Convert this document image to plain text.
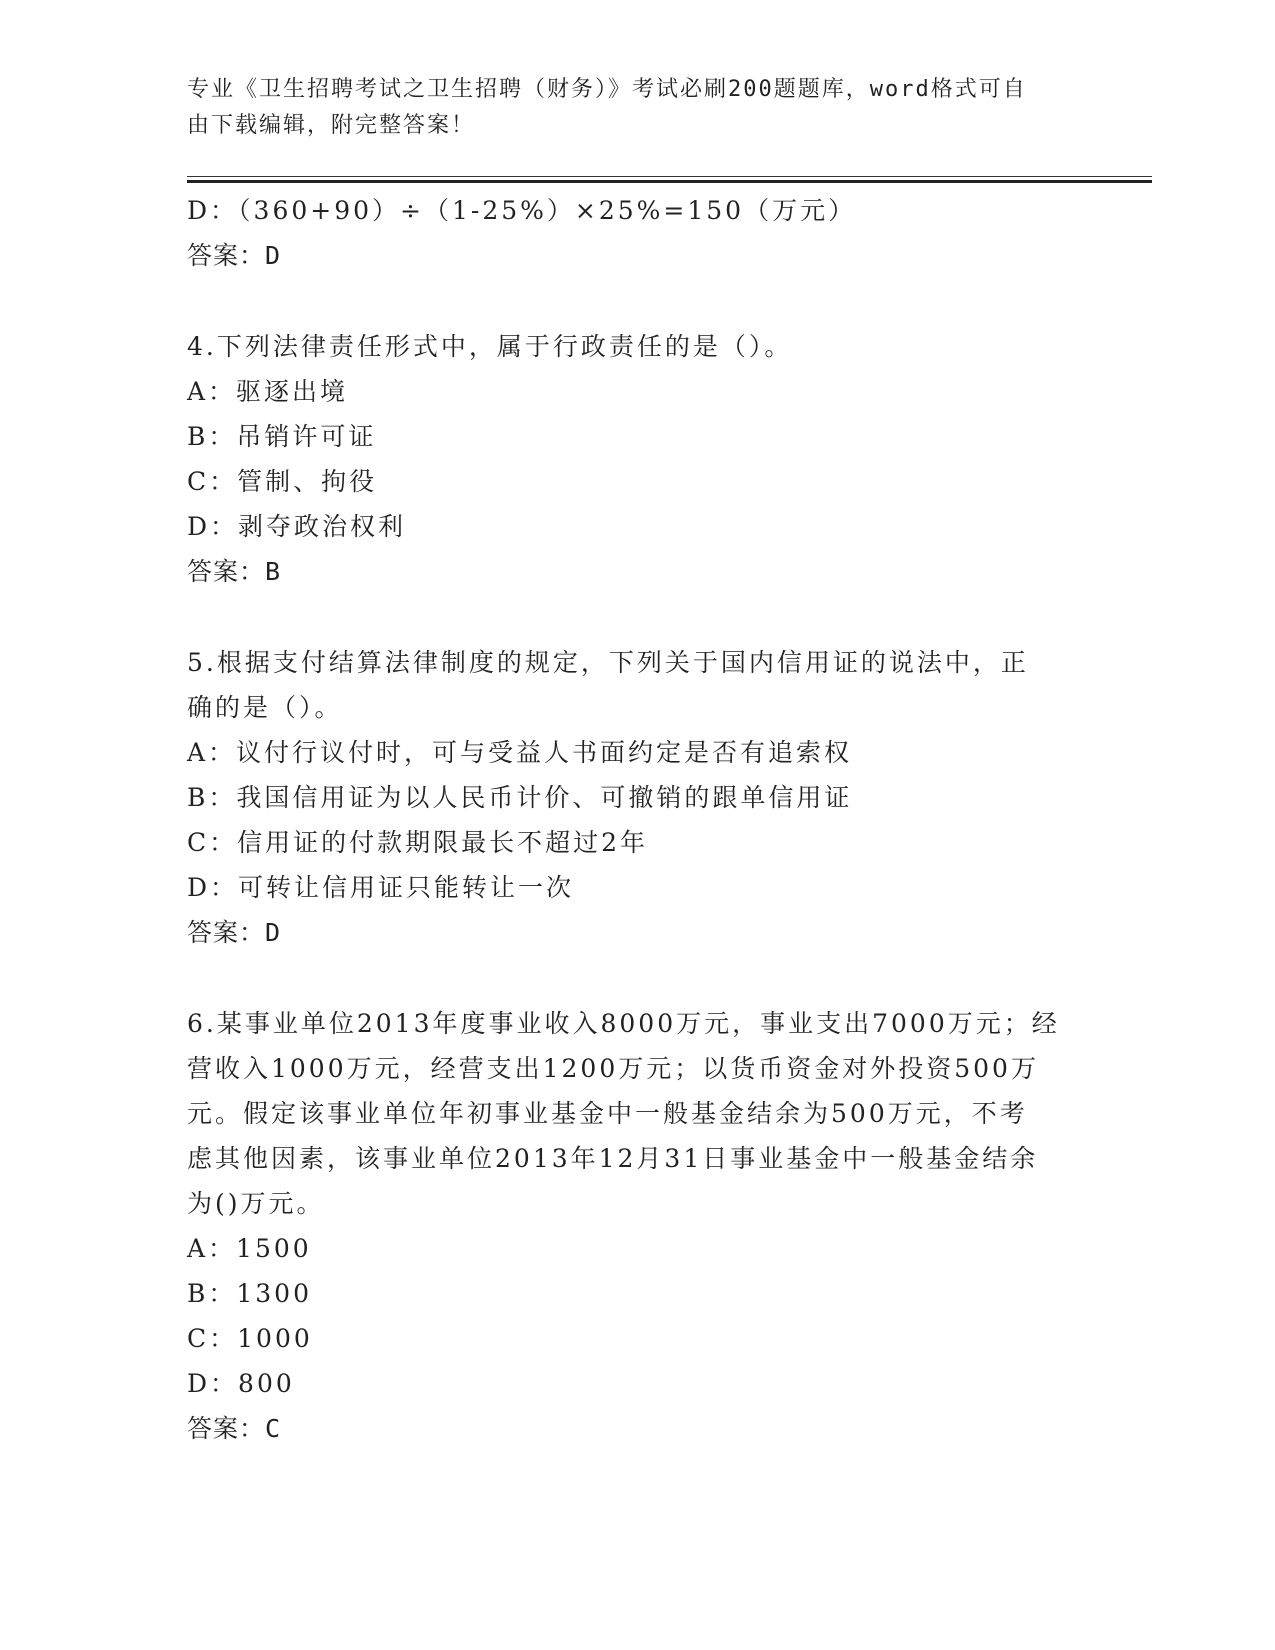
专业《卫生招聘考试之卫生招聘（财务）》考试必刷200题题库，word格式可自
由下载编辑，附完整答案！
D：（360+90）÷（1-25%）×25%=150（万元）
答案：D
4.下列法律责任形式中，属于行政责任的是（）。
A：驱逐出境
B：吊销许可证
C：管制、拘役
D：剥夺政治权利
答案：B
5.根据支付结算法律制度的规定，下列关于国内信用证的说法中，正
确的是（）。
A：议付行议付时，可与受益人书面约定是否有追索权
B：我国信用证为以人民币计价、可撤销的跟单信用证
C：信用证的付款期限最长不超过2年
D：可转让信用证只能转让一次
答案：D
6.某事业单位2013年度事业收入8000万元，事业支出7000万元；经
营收入1000万元，经营支出1200万元；以货币资金对外投资500万
元。假定该事业单位年初事业基金中一般基金结余为500万元，不考
虑其他因素，该事业单位2013年12月31日事业基金中一般基金结余
为()万元。
A：1500
B：1300
C：1000
D：800
答案：C
